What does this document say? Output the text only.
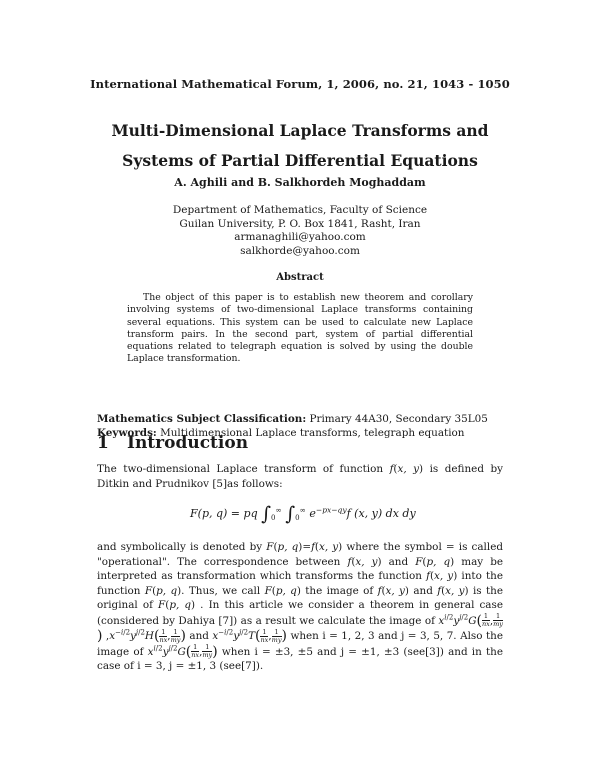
International Mathematical Forum, 1, 2006, no. 21, 1043 - 1050
Multi-Dimensional Laplace Transforms and
Systems of Partial Differential Equations
A. Aghili and B. Salkhordeh Moghaddam
Department of Mathematics, Faculty of Science
Guilan University, P. O. Box 1841, Rasht, Iran
armanaghili@yahoo.com
salkhorde@yahoo.com
Abstract
The object of this paper is to establish new theorem and corollary involving systems of two-dimensional Laplace transforms containing several equations. This system can be used to calculate new Laplace transform pairs. In the second part, system of partial differential equations related to telegraph equation is solved by using the double Laplace transformation.
Mathematics Subject Classification: Primary 44A30, Secondary 35L05
Keywords: Multidimensional Laplace transforms, telegraph equation
1 Introduction
The two-dimensional Laplace transform of function f(x, y) is defined by Ditkin and Prudnikov [5]as follows:
F(p, q) = pq $\int_0^\infty$ $\int_0^\infty$ $e^{-px-qy}f$ (x, y) dx dy
and symbolically is denoted by F(p, q)=f(x, y) where the symbol = is called "operational". The correspondence between f(x, y) and F(p, q) may be interpreted as transformation which transforms the function f(x, y) into the function F(p, q). Thus, we call F(p, q) the image of f(x, y) and f(x, y) is the original of F(p, q) . In this article we consider a theorem in general case (considered by Dahiya [7]) as a result we calculate the image of $x^{i/2}y^{j/2}G( \frac{1}{nx}$ , $\frac{1}{my}$
) $,x^{-i/2}y^{j/2}H( \frac{1}{nx}$ , $\frac{1}{my}$ ) and $x^{-i/2}y^{j/2}T( \frac{1}{nx}$ , $\frac{1}{my}$ ) when i = 1, 2, 3 and j = 3, 5, 7. Also the image of $x^{i/2}y^{j/2}G( \frac{1}{nx}$ , $\frac{1}{my}$ ) when i = ±3, ±5 and j = ±1, ±3 (see[3]) and in the case of i = 3, j = ±1, 3 (see[7]).
